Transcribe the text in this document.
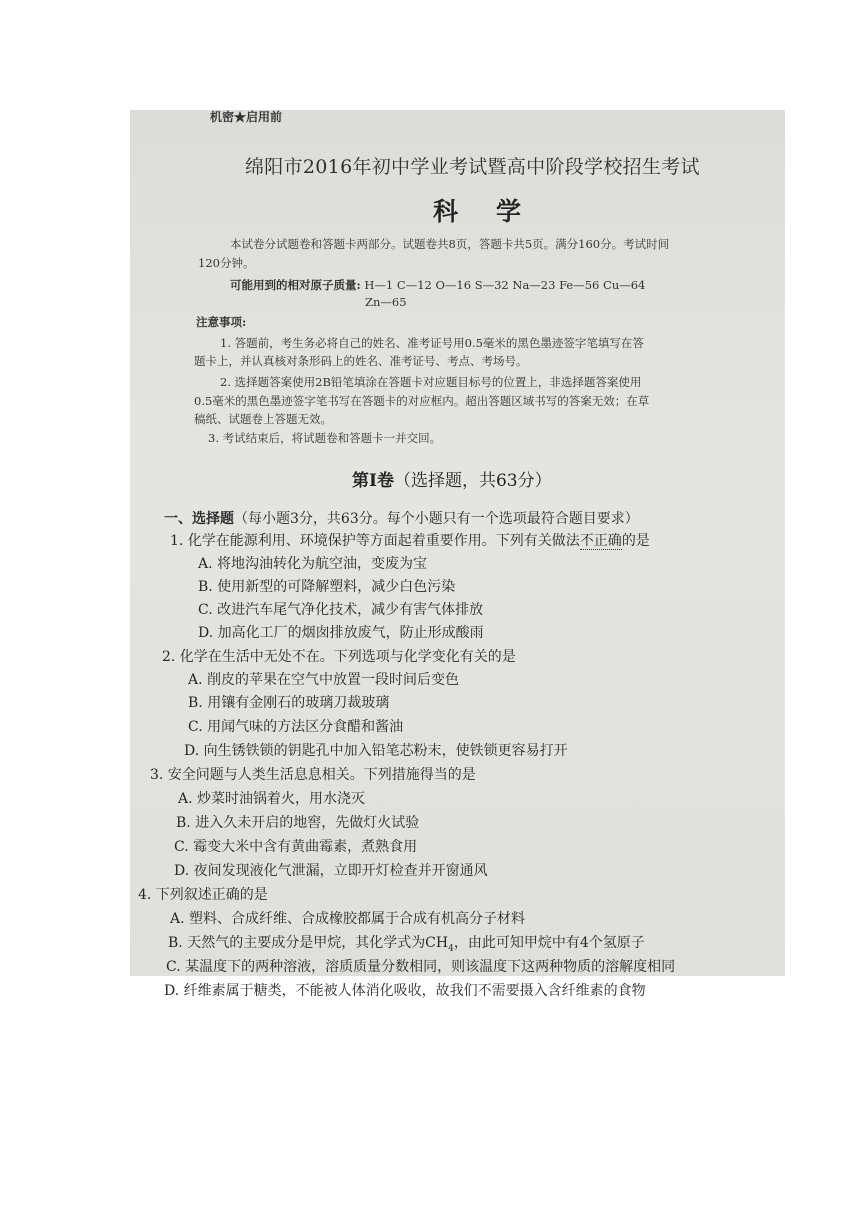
机密★启用前
绵阳市2016年初中学业考试暨高中阶段学校招生考试
科学
本试卷分试题卷和答题卡两部分。试题卷共8页，答题卡共5页。满分160分。考试时间
120分钟。
可能用到的相对原子质量: H—1 C—12 O—16 S—32 Na—23 Fe—56 Cu—64
Zn—65
注意事项:
1. 答题前，考生务必将自己的姓名、准考证号用0.5毫米的黑色墨迹签字笔填写在答
题卡上，并认真核对条形码上的姓名、准考证号、考点、考场号。
2. 选择题答案使用2B铅笔填涂在答题卡对应题目标号的位置上，非选择题答案使用
0.5毫米的黑色墨迹签字笔书写在答题卡的对应框内。超出答题区域书写的答案无效；在草
稿纸、试题卷上答题无效。
3. 考试结束后，将试题卷和答题卡一并交回。
第Ⅰ卷（选择题，共63分）
一、选择题（每小题3分，共63分。每个小题只有一个选项最符合题目要求）
1. 化学在能源利用、环境保护等方面起着重要作用。下列有关做法不正确的是
A. 将地沟油转化为航空油，变废为宝
B. 使用新型的可降解塑料，减少白色污染
C. 改进汽车尾气净化技术，减少有害气体排放
D. 加高化工厂的烟囱排放废气，防止形成酸雨
2. 化学在生活中无处不在。下列选项与化学变化有关的是
A. 削皮的苹果在空气中放置一段时间后变色
B. 用镶有金刚石的玻璃刀裁玻璃
C. 用闻气味的方法区分食醋和酱油
D. 向生锈铁锁的钥匙孔中加入铅笔芯粉末，使铁锁更容易打开
3. 安全问题与人类生活息息相关。下列措施得当的是
A. 炒菜时油锅着火，用水浇灭
B. 进入久未开启的地窖，先做灯火试验
C. 霉变大米中含有黄曲霉素，煮熟食用
D. 夜间发现液化气泄漏，立即开灯检查并开窗通风
4. 下列叙述正确的是
A. 塑料、合成纤维、合成橡胶都属于合成有机高分子材料
B. 天然气的主要成分是甲烷，其化学式为$CH_4$，由此可知甲烷中有4个氢原子
C. 某温度下的两种溶液，溶质质量分数相同，则该温度下这两种物质的溶解度相同
D. 纤维素属于糖类，不能被人体消化吸收，故我们不需要摄入含纤维素的食物
